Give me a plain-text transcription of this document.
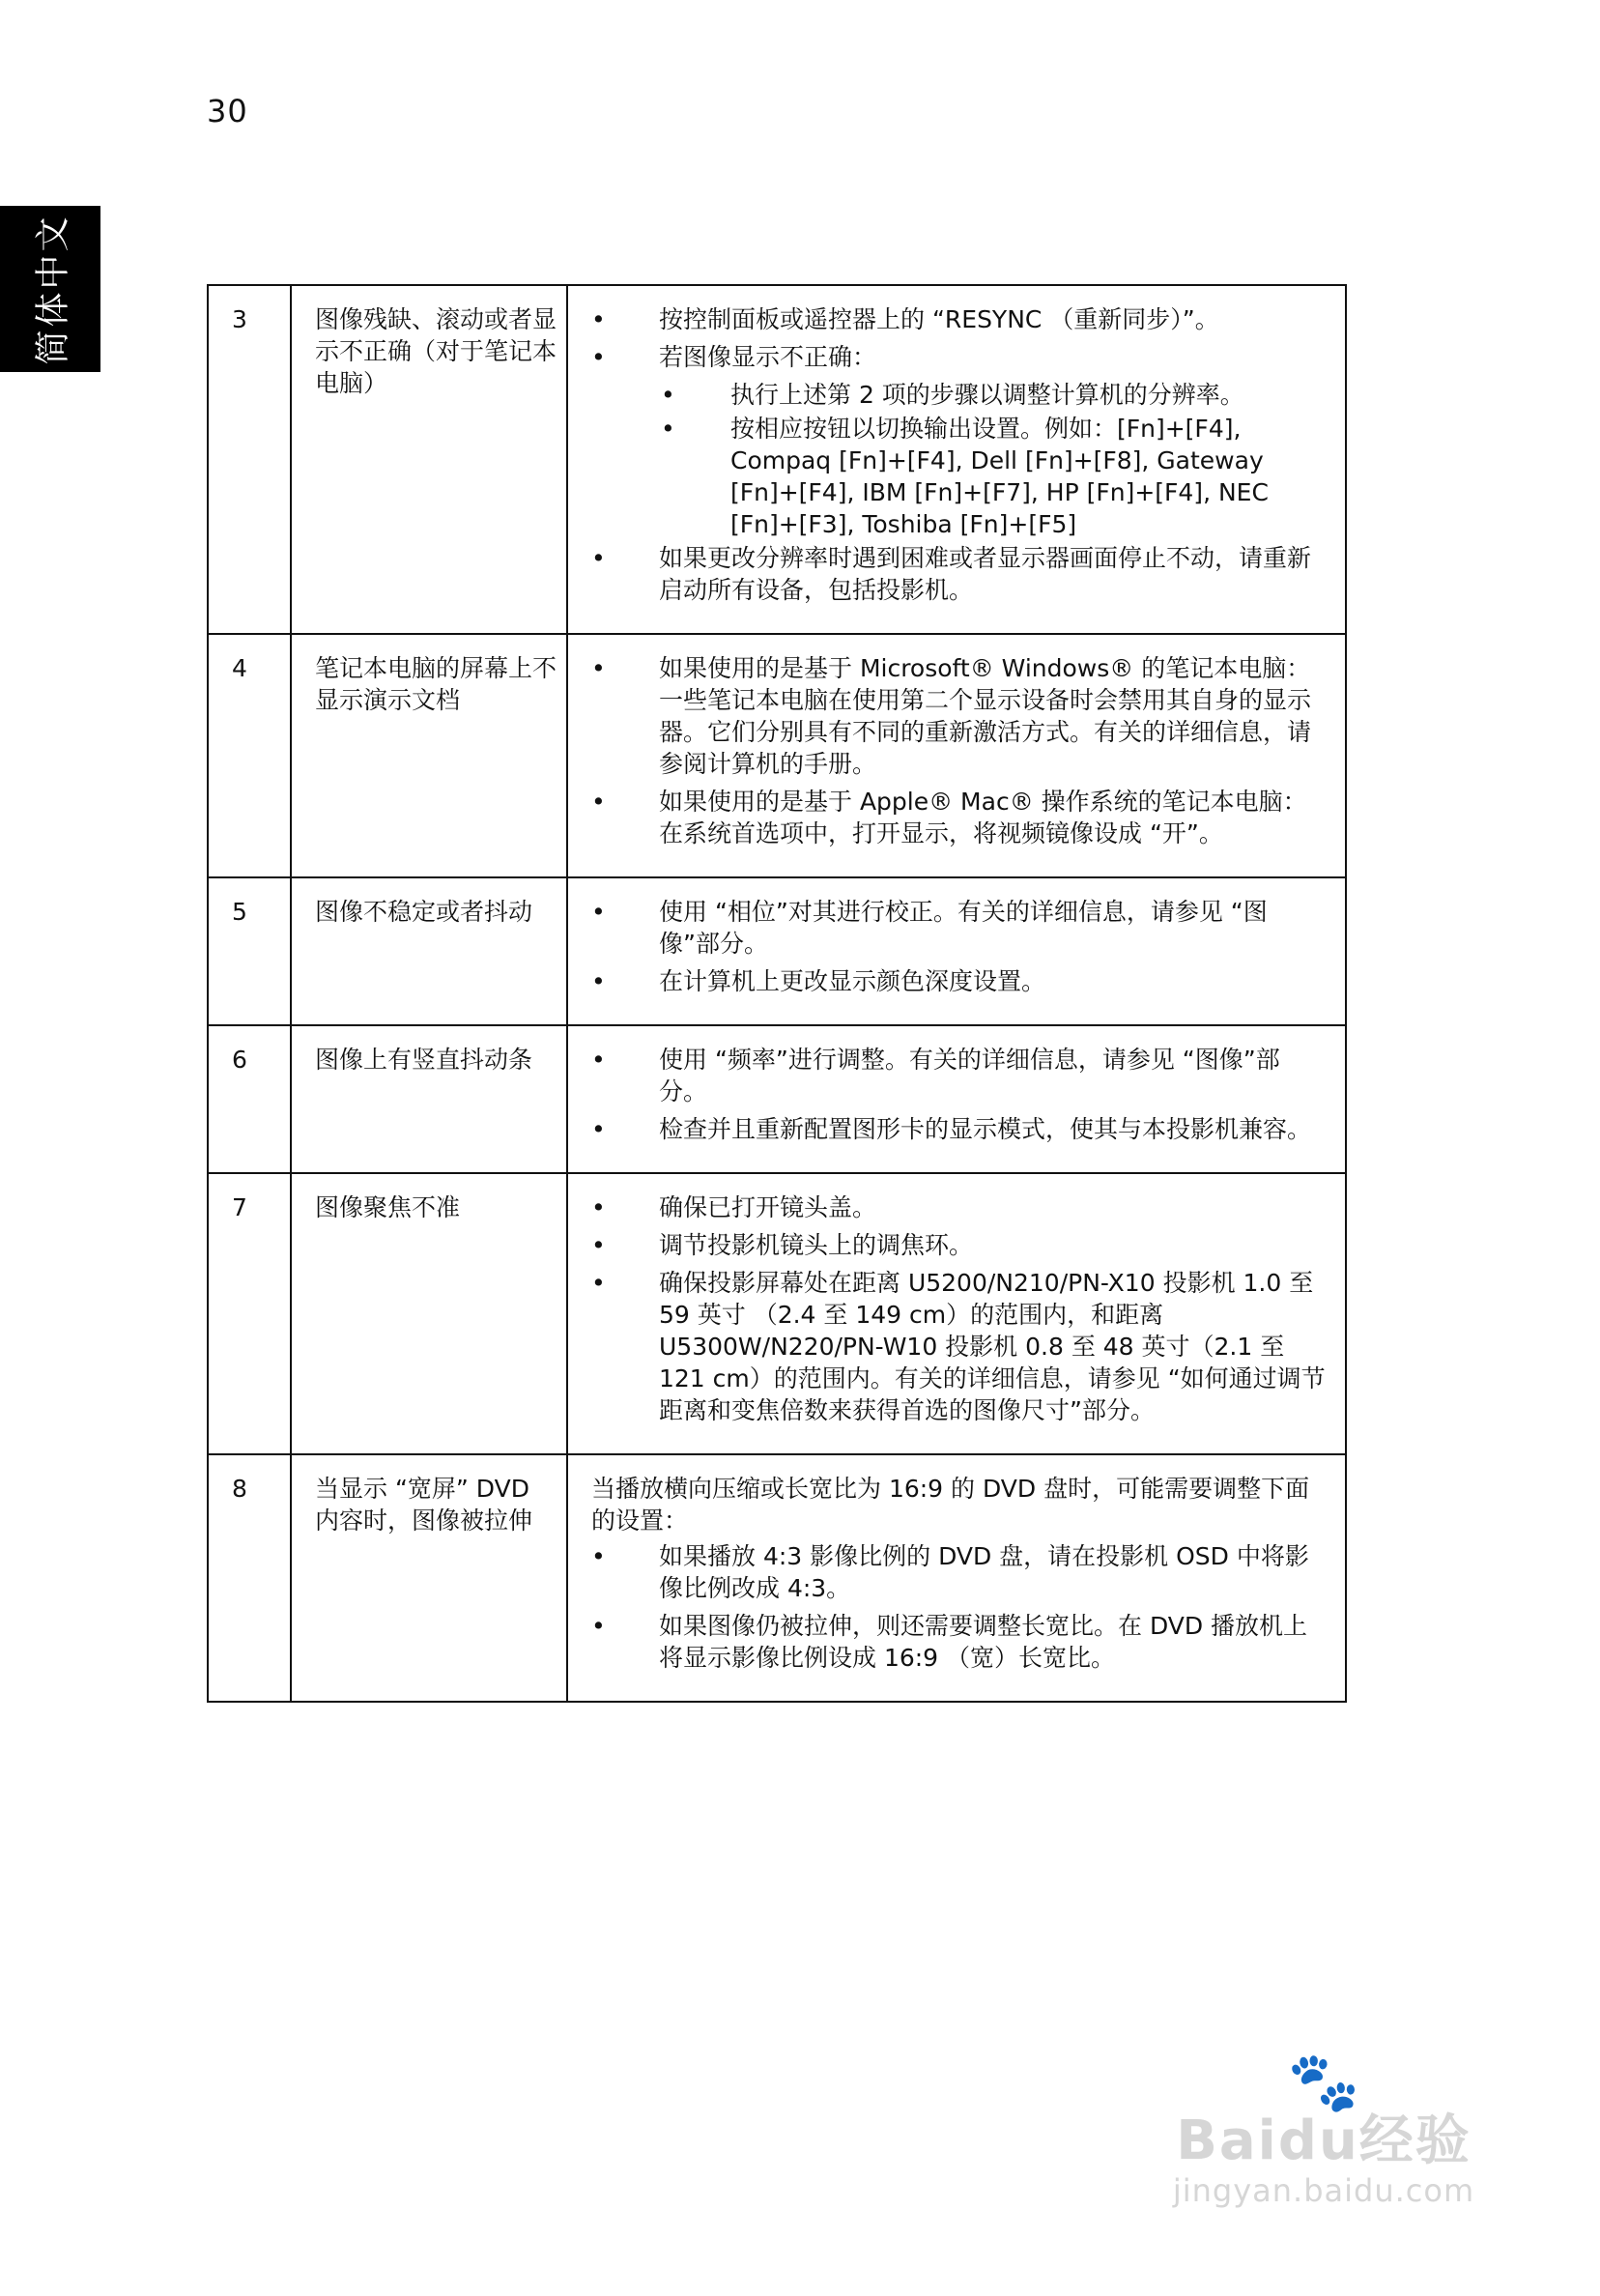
30
简体中文	3	图像残缺、滚动或者显示不正确（对于笔记本电脑）	• 按控制面板或遥控器上的 “RESYNC （重新同步）”。
• 若图像显示不正确：
• 执行上述第 2 项的步骤以调整计算机的分辨率。
• 按相应按钮以切换输出设置。例如：[Fn]+[F4], Compaq [Fn]+[F4], Dell [Fn]+[F8], Gateway [Fn]+[F4], IBM [Fn]+[F7], HP [Fn]+[F4], NEC [Fn]+[F3], Toshiba [Fn]+[F5]
• 如果更改分辨率时遇到困难或者显示器画面停止不动，请重新启动所有设备，包括投影机。

4	笔记本电脑的屏幕上不显示演示文档	• 如果使用的是基于 Microsoft® Windows® 的笔记本电脑：一些笔记本电脑在使用第二个显示设备时会禁用其自身的显示器。它们分别具有不同的重新激活方式。有关的详细信息，请参阅计算机的手册。
• 如果使用的是基于 Apple® Mac® 操作系统的笔记本电脑：在系统首选项中，打开显示，将视频镜像设成 “开”。

5	图像不稳定或者抖动	• 使用 “相位”对其进行校正。有关的详细信息，请参见 “图像”部分。
• 在计算机上更改显示颜色深度设置。

6	图像上有竖直抖动条	• 使用 “频率”进行调整。有关的详细信息，请参见 “图像”部分。
• 检查并且重新配置图形卡的显示模式，使其与本投影机兼容。

7	图像聚焦不准	• 确保已打开镜头盖。
• 调节投影机镜头上的调焦环。
• 确保投影屏幕处在距离 U5200/N210/PN-X10 投影机 1.0 至 59 英寸 （2.4 至 149 cm）的范围内，和距离 U5300W/N220/PN-W10 投影机 0.8 至 48 英寸（2.1 至 121 cm）的范围内。有关的详细信息，请参见 “如何通过调节距离和变焦倍数来获得首选的图像尺寸”部分。

8	当显示 “宽屏” DVD 内容时，图像被拉伸	当播放横向压缩或长宽比为 16:9 的 DVD 盘时，可能需要调整下面的设置：
• 如果播放 4:3 影像比例的 DVD 盘，请在投影机 OSD 中将影像比例改成 4:3。
• 如果图像仍被拉伸，则还需要调整长宽比。在 DVD 播放机上将显示影像比例设成 16:9 （宽）长宽比。
🐾
Baidu经验
jingyan.baidu.com
